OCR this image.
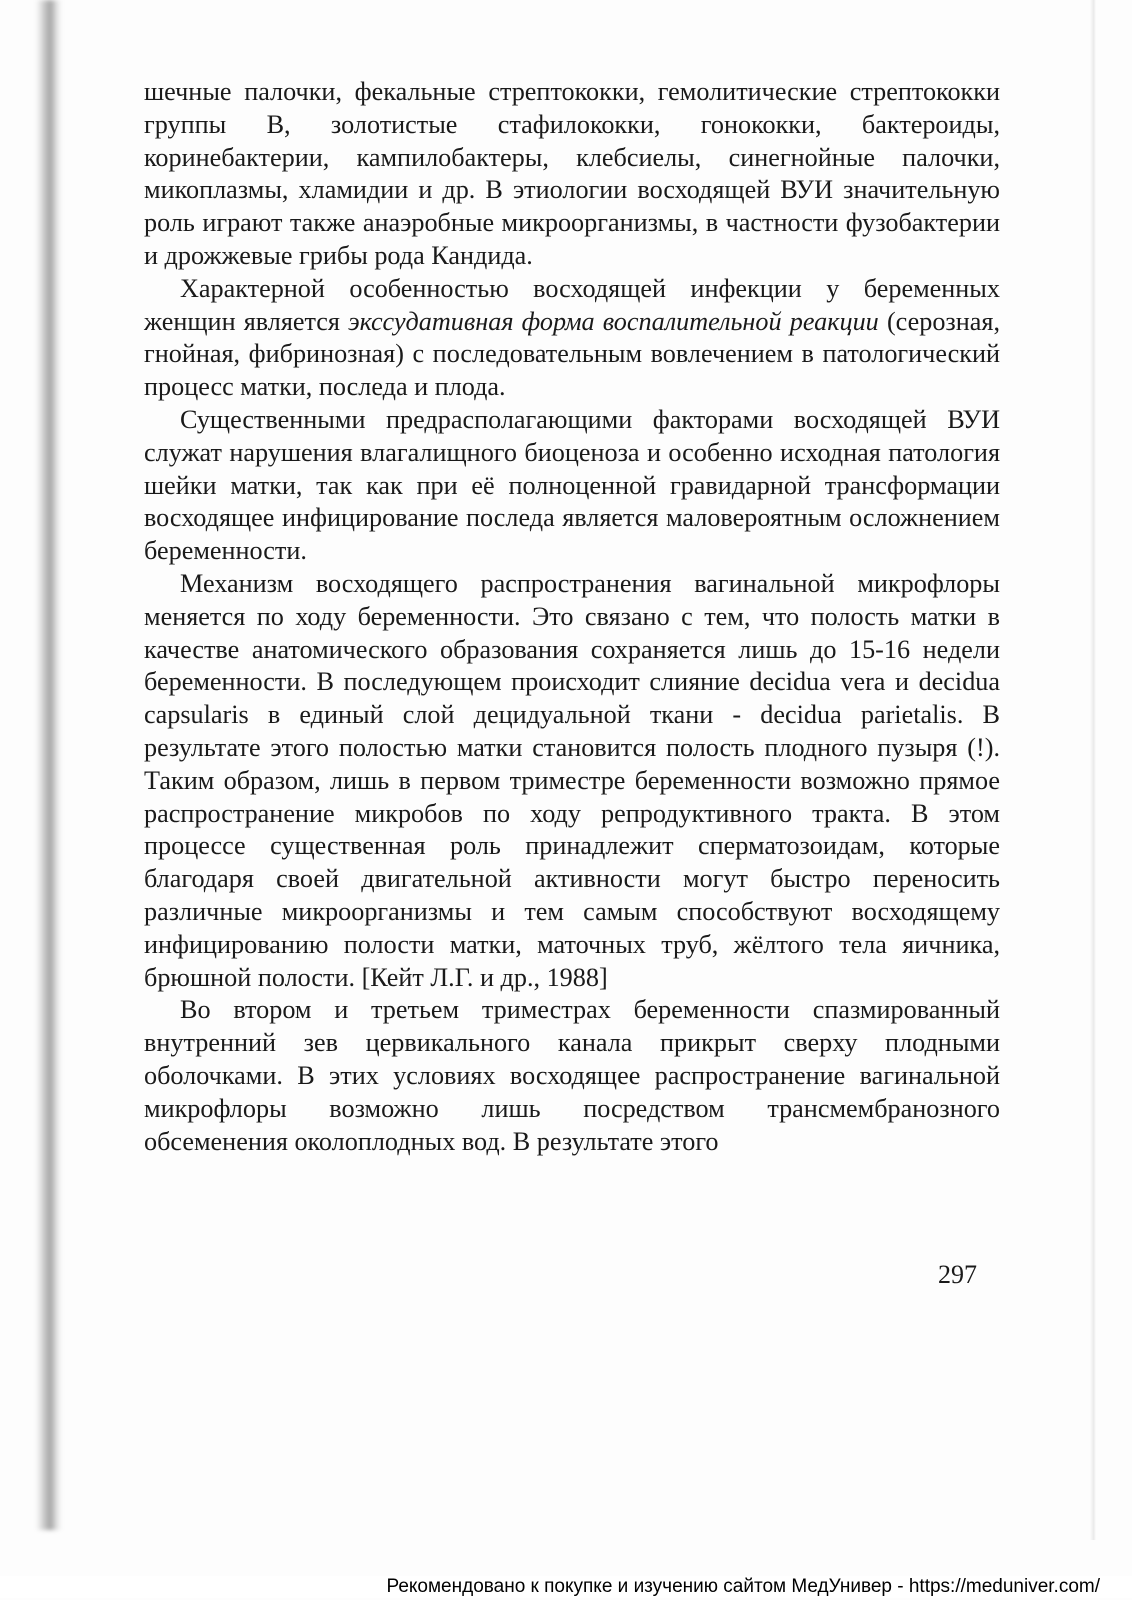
шечные палочки, фекальные стрептококки, гемолитические стрептококки группы В, золотистые стафилококки, гонококки, бактероиды, коринебактерии, кампилобактеры, клебсиелы, синегнойные палочки, микоплазмы, хламидии и др. В этиологии восходящей ВУИ значительную роль играют также анаэробные микроорганизмы, в частности фузобактерии и дрожжевые грибы рода Кандида.

Характерной особенностью восходящей инфекции у беременных женщин является экссудативная форма воспалительной реакции (серозная, гнойная, фибринозная) с последовательным вовлечением в патологический процесс матки, последа и плода.

Существенными предрасполагающими факторами восходящей ВУИ служат нарушения влагалищного биоценоза и особенно исходная патология шейки матки, так как при её полноценной гравидарной трансформации восходящее инфицирование последа является маловероятным осложнением беременности.

Механизм восходящего распространения вагинальной микрофлоры меняется по ходу беременности. Это связано с тем, что полость матки в качестве анатомического образования сохраняется лишь до 15-16 недели беременности. В последующем происходит слияние decidua vera и decidua capsularis в единый слой децидуальной ткани - decidua parietalis. В результате этого полостью матки становится полость плодного пузыря (!). Таким образом, лишь в первом триместре беременности возможно прямое распространение микробов по ходу репродуктивного тракта. В этом процессе существенная роль принадлежит сперматозоидам, которые благодаря своей двигательной активности могут быстро переносить различные микроорганизмы и тем самым способствуют восходящему инфицированию полости матки, маточных труб, жёлтого тела яичника, брюшной полости. [Кейт Л.Г. и др., 1988]

Во втором и третьем триместрах беременности спазмированный внутренний зев цервикального канала прикрыт сверху плодными оболочками. В этих условиях восходящее распространение вагинальной микрофлоры возможно лишь посредством трансмембранозного обсеменения околоплодных вод. В результате этого

297
Рекомендовано к покупке и изучению сайтом МедУнивер - https://meduniver.com/
